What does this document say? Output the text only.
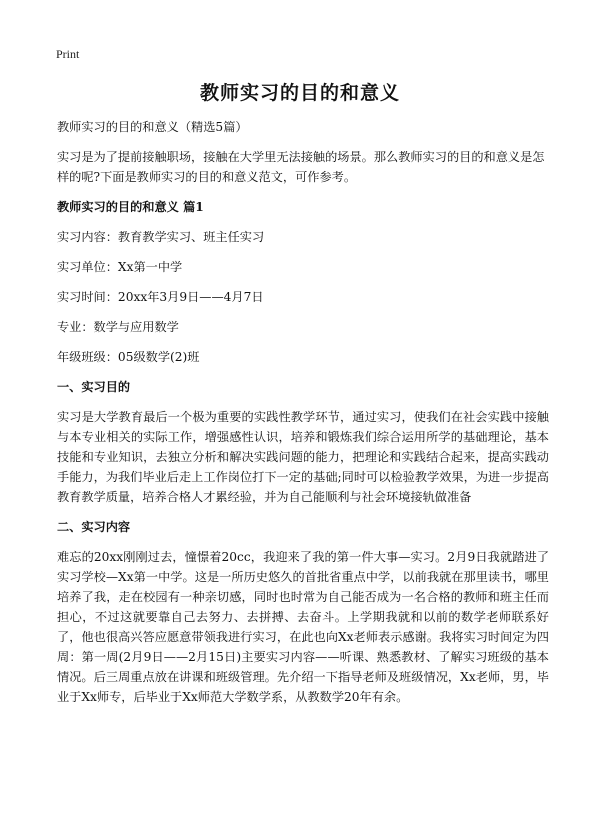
Print
教师实习的目的和意义

教师实习的目的和意义（精选5篇）

实习是为了提前接触职场，接触在大学里无法接触的场景。那么教师实习的目的和意义是怎样的呢?下面是教师实习的目的和意义范文，可作参考。

教师实习的目的和意义 篇1

实习内容：教育教学实习、班主任实习

实习单位：Xx第一中学

实习时间：20xx年3月9日——4月7日

专业：数学与应用数学

年级班级：05级数学(2)班

一、实习目的

实习是大学教育最后一个极为重要的实践性教学环节，通过实习，使我们在社会实践中接触与本专业相关的实际工作，增强感性认识，培养和锻炼我们综合运用所学的基础理论，基本技能和专业知识，去独立分析和解决实践问题的能力，把理论和实践结合起来，提高实践动手能力，为我们毕业后走上工作岗位打下一定的基础;同时可以检验教学效果，为进一步提高教育教学质量，培养合格人才累经验，并为自己能顺利与社会环境接轨做准备

二、实习内容

难忘的20xx刚刚过去，憧憬着20cc，我迎来了我的第一件大事—实习。2月9日我就踏进了实习学校—Xx第一中学。这是一所历史悠久的首批省重点中学，以前我就在那里读书，哪里培养了我，走在校园有一种亲切感，同时也时常为自己能否成为一名合格的教师和班主任而担心，不过这就要靠自己去努力、去拼搏、去奋斗。上学期我就和以前的数学老师联系好了，他也很高兴答应愿意带领我进行实习，在此也向Xx老师表示感谢。我将实习时间定为四周：第一周(2月9日——2月15日)主要实习内容——听课、熟悉教材、了解实习班级的基本情况。后三周重点放在讲课和班级管理。先介绍一下指导老师及班级情况，Xx老师，男，毕业于Xx师专，后毕业于Xx师范大学数学系，从教数学20年有余。
